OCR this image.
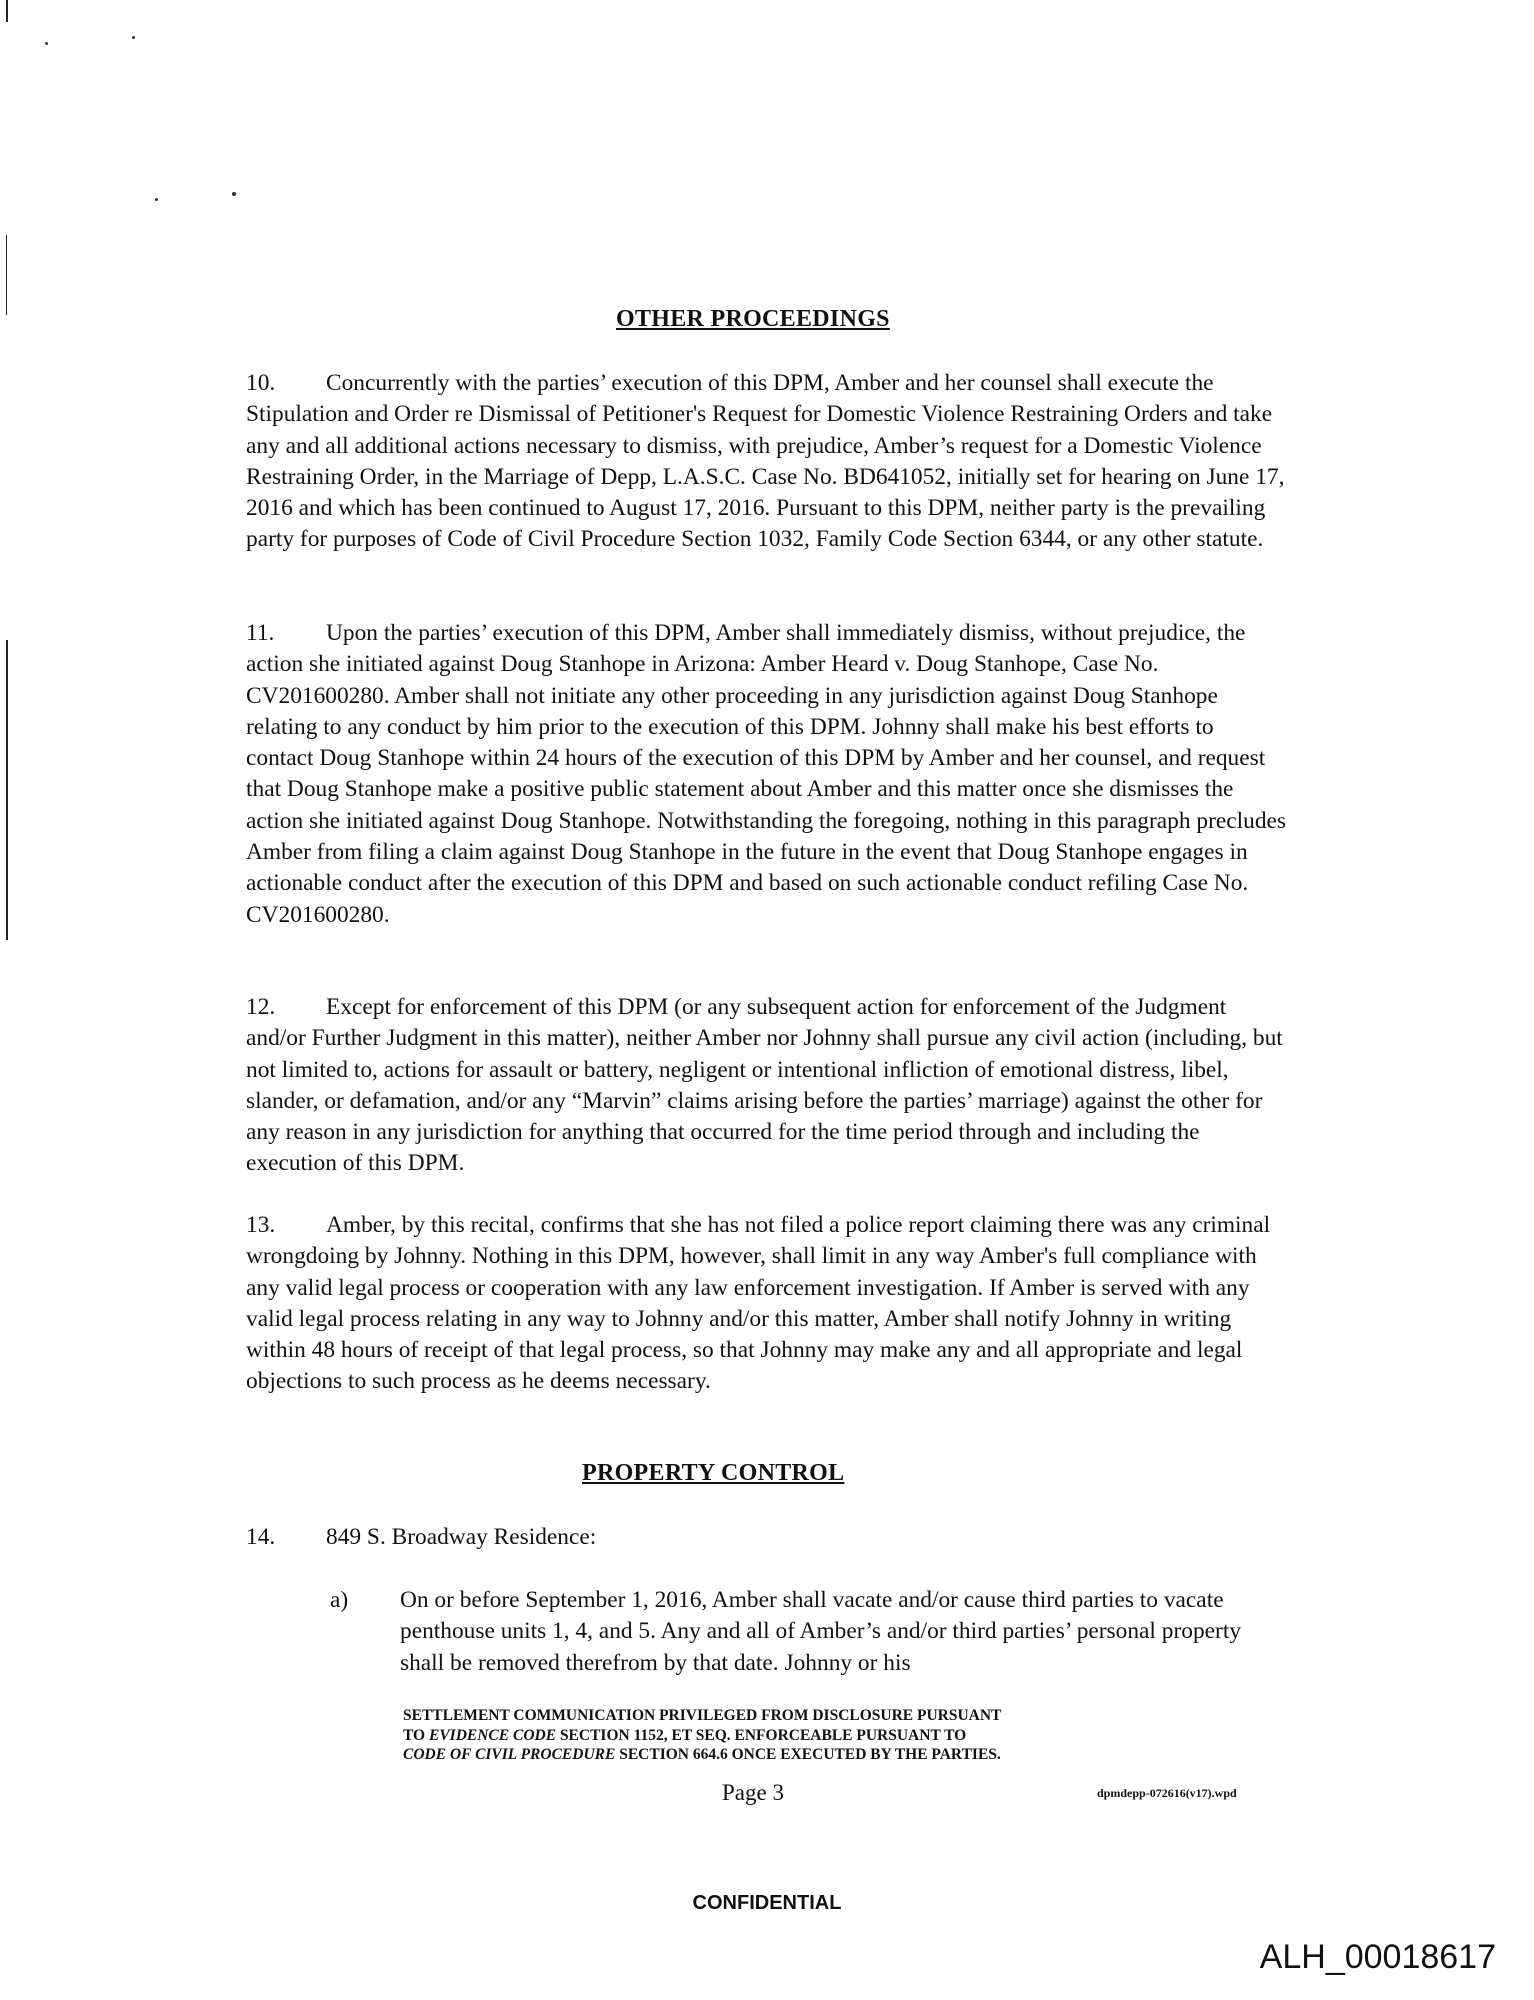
OTHER PROCEEDINGS
10. Concurrently with the parties’ execution of this DPM, Amber and her counsel shall execute the Stipulation and Order re Dismissal of Petitioner's Request for Domestic Violence Restraining Orders and take any and all additional actions necessary to dismiss, with prejudice, Amber’s request for a Domestic Violence Restraining Order, in the Marriage of Depp, L.A.S.C. Case No. BD641052, initially set for hearing on June 17, 2016 and which has been continued to August 17, 2016. Pursuant to this DPM, neither party is the prevailing party for purposes of Code of Civil Procedure Section 1032, Family Code Section 6344, or any other statute.
11. Upon the parties’ execution of this DPM, Amber shall immediately dismiss, without prejudice, the action she initiated against Doug Stanhope in Arizona: Amber Heard v. Doug Stanhope, Case No. CV201600280. Amber shall not initiate any other proceeding in any jurisdiction against Doug Stanhope relating to any conduct by him prior to the execution of this DPM. Johnny shall make his best efforts to contact Doug Stanhope within 24 hours of the execution of this DPM by Amber and her counsel, and request that Doug Stanhope make a positive public statement about Amber and this matter once she dismisses the action she initiated against Doug Stanhope. Notwithstanding the foregoing, nothing in this paragraph precludes Amber from filing a claim against Doug Stanhope in the future in the event that Doug Stanhope engages in actionable conduct after the execution of this DPM and based on such actionable conduct refiling Case No. CV201600280.
12. Except for enforcement of this DPM (or any subsequent action for enforcement of the Judgment and/or Further Judgment in this matter), neither Amber nor Johnny shall pursue any civil action (including, but not limited to, actions for assault or battery, negligent or intentional infliction of emotional distress, libel, slander, or defamation, and/or any “Marvin” claims arising before the parties’ marriage) against the other for any reason in any jurisdiction for anything that occurred for the time period through and including the execution of this DPM.
13. Amber, by this recital, confirms that she has not filed a police report claiming there was any criminal wrongdoing by Johnny. Nothing in this DPM, however, shall limit in any way Amber's full compliance with any valid legal process or cooperation with any law enforcement investigation. If Amber is served with any valid legal process relating in any way to Johnny and/or this matter, Amber shall notify Johnny in writing within 48 hours of receipt of that legal process, so that Johnny may make any and all appropriate and legal objections to such process as he deems necessary.
PROPERTY CONTROL
14. 849 S. Broadway Residence:
a) On or before September 1, 2016, Amber shall vacate and/or cause third parties to vacate penthouse units 1, 4, and 5. Any and all of Amber’s and/or third parties’ personal property shall be removed therefrom by that date. Johnny or his
SETTLEMENT COMMUNICATION PRIVILEGED FROM DISCLOSURE PURSUANT
TO EVIDENCE CODE SECTION 1152, ET SEQ. ENFORCEABLE PURSUANT TO
CODE OF CIVIL PROCEDURE SECTION 664.6 ONCE EXECUTED BY THE PARTIES.
Page 3	dpmdepp-072616(v17).wpd
CONFIDENTIAL
ALH_00018617
